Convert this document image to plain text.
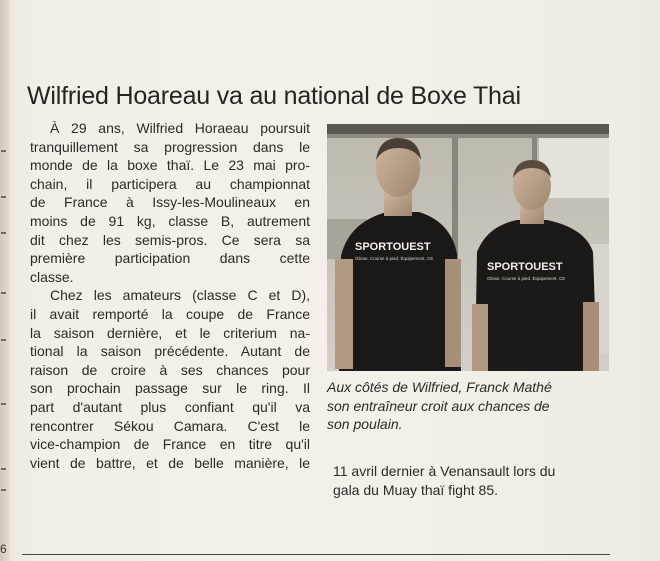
Wilfried Hoareau va au national de Boxe Thai
À 29 ans, Wilfried Horaeau poursuit
tranquillement sa progression dans le
monde de la boxe thaï. Le 23 mai pro-
chain, il participera au championnat
de France à Issy-les-Moulineaux en
moins de 91 kg, classe B, autrement
dit chez les semis-pros. Ce sera sa
première participation dans cette
classe.
Chez les amateurs (classe C et D),
il avait remporté la coupe de France
la saison dernière, et le criterium na-
tional la saison précédente. Autant de
raison de croire à ses chances pour
son prochain passage sur le ring. Il
part d'autant plus confiant qu'il va
rencontrer Sékou Camara. C'est le
vice-champion de France en titre qu'il
vient de battre, et de belle manière, le
SPORTOUEST
Glisse, Course à pied, Équipement, CE
SPORTOUEST
Glisse, Course à pied, Équipement, CE
Aux côtés de Wilfried, Franck Mathé
son entraîneur croit aux chances de
son poulain.
11 avril dernier à Venansault lors du
gala du Muay thaï fight 85.
6
